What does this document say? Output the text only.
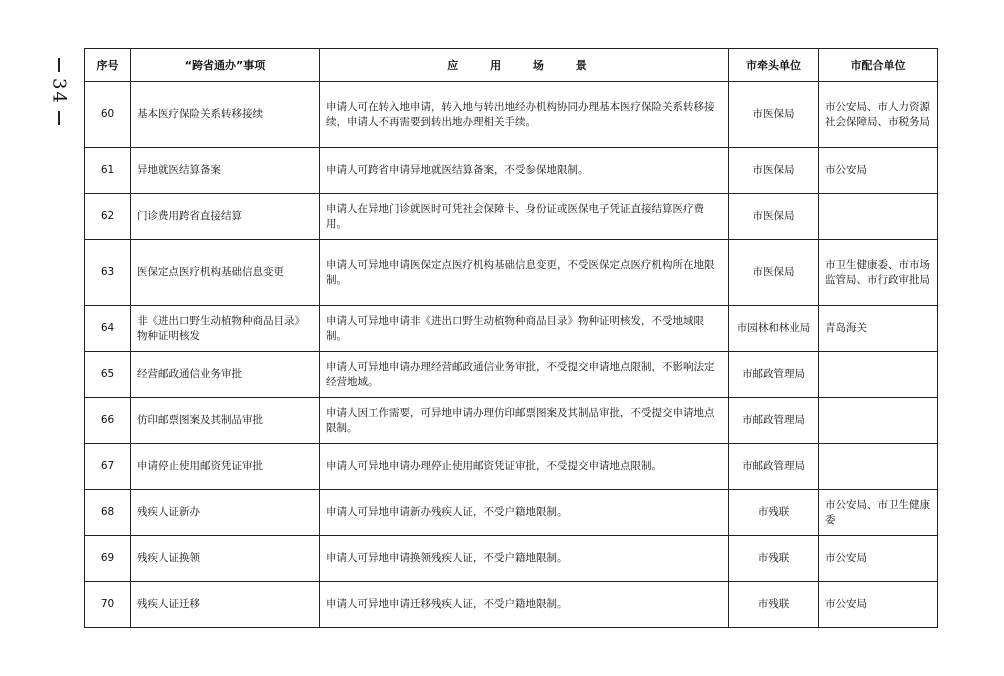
34
序号	“跨省通办”事项	应 用 场 景	市牵头单位	市配合单位
60	基本医疗保险关系转移接续	申请人可在转入地申请，转入地与转出地经办机构协同办理基本医疗保险关系转移接续，申请人不再需要到转出地办理相关手续。	市医保局	市公安局、市人力资源社会保障局、市税务局
61	异地就医结算备案	申请人可跨省申请异地就医结算备案，不受参保地限制。	市医保局	市公安局
62	门诊费用跨省直接结算	申请人在异地门诊就医时可凭社会保障卡、身份证或医保电子凭证直接结算医疗费用。	市医保局	
63	医保定点医疗机构基础信息变更	申请人可异地申请医保定点医疗机构基础信息变更，不受医保定点医疗机构所在地限制。	市医保局	市卫生健康委、市市场监管局、市行政审批局
64	非《进出口野生动植物种商品目录》物种证明核发	申请人可异地申请非《进出口野生动植物种商品目录》物种证明核发，不受地域限制。	市园林和林业局	青岛海关
65	经营邮政通信业务审批	申请人可异地申请办理经营邮政通信业务审批，不受提交申请地点限制，不影响法定经营地域。	市邮政管理局	
66	仿印邮票图案及其制品审批	申请人因工作需要，可异地申请办理仿印邮票图案及其制品审批，不受提交申请地点限制。	市邮政管理局	
67	申请停止使用邮资凭证审批	申请人可异地申请办理停止使用邮资凭证审批，不受提交申请地点限制。	市邮政管理局	
68	残疾人证新办	申请人可异地申请新办残疾人证，不受户籍地限制。	市残联	市公安局、市卫生健康委
69	残疾人证换领	申请人可异地申请换领残疾人证，不受户籍地限制。	市残联	市公安局
70	残疾人证迁移	申请人可异地申请迁移残疾人证，不受户籍地限制。	市残联	市公安局
